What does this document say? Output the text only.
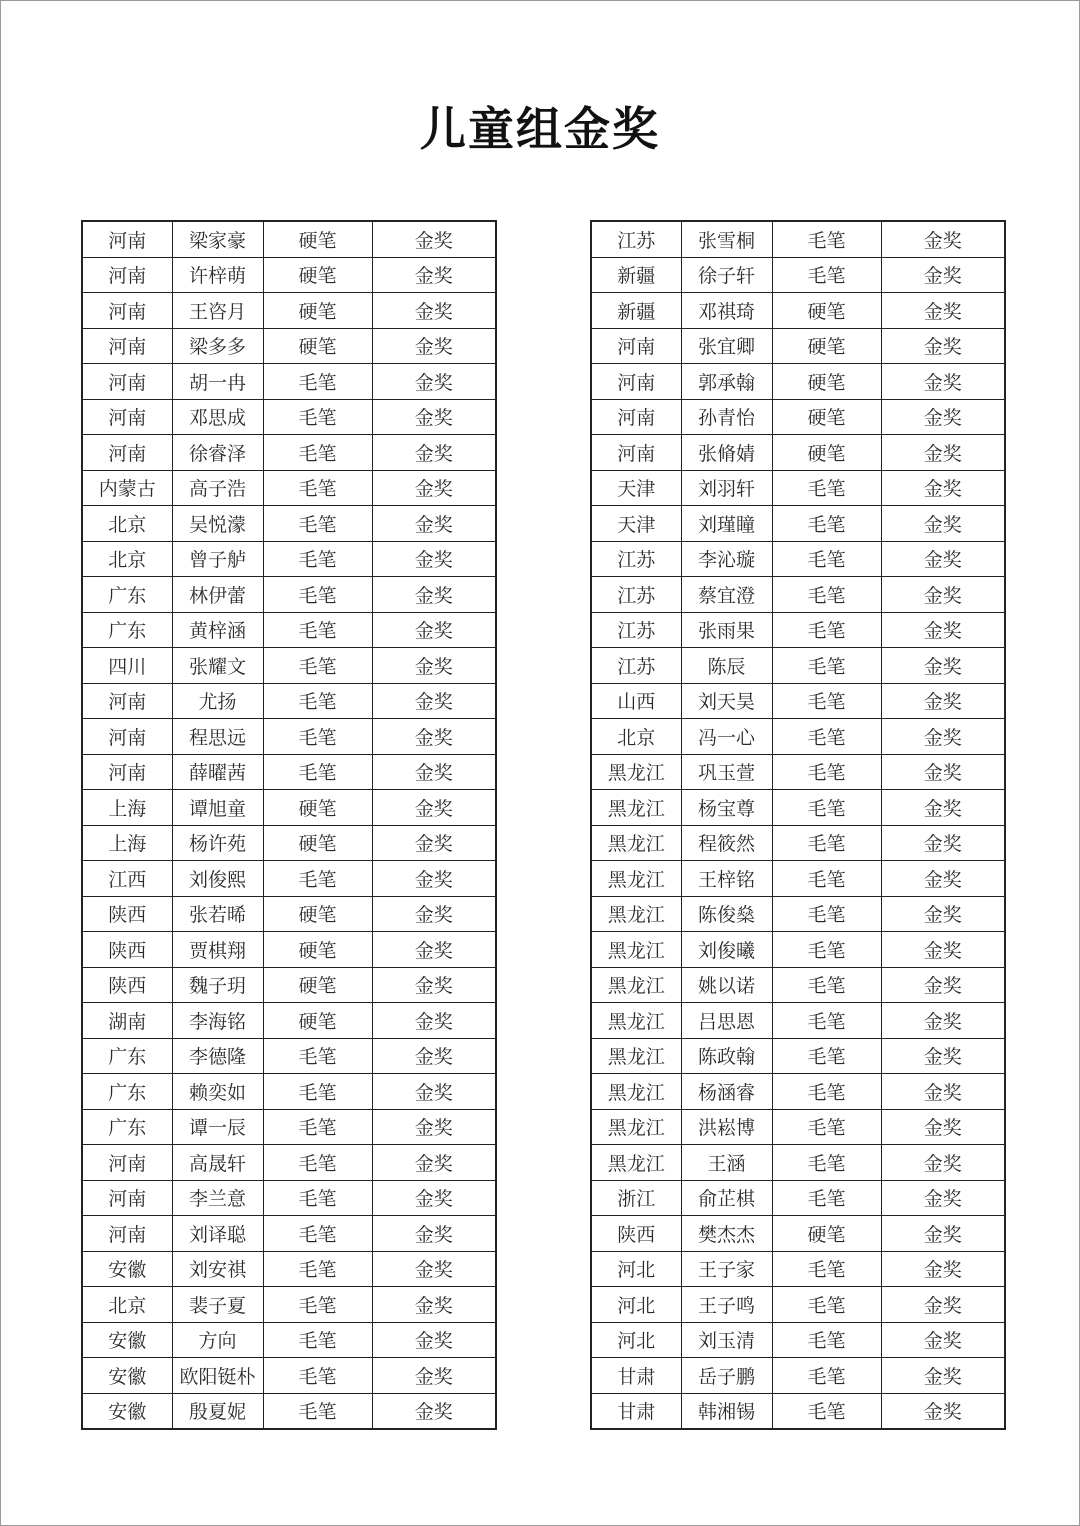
儿童组金奖
河南	梁家豪	硬笔	金奖
河南	许梓萌	硬笔	金奖
河南	王咨月	硬笔	金奖
河南	梁多多	硬笔	金奖
河南	胡一冉	毛笔	金奖
河南	邓思成	毛笔	金奖
河南	徐睿泽	毛笔	金奖
内蒙古	高子浩	毛笔	金奖
北京	吴悦濛	毛笔	金奖
北京	曾子舻	毛笔	金奖
广东	林伊蕾	毛笔	金奖
广东	黄梓涵	毛笔	金奖
四川	张耀文	毛笔	金奖
河南	尤扬	毛笔	金奖
河南	程思远	毛笔	金奖
河南	薛曜茜	毛笔	金奖
上海	谭旭童	硬笔	金奖
上海	杨许苑	硬笔	金奖
江西	刘俊熙	毛笔	金奖
陕西	张若晞	硬笔	金奖
陕西	贾棋翔	硬笔	金奖
陕西	魏子玥	硬笔	金奖
湖南	李海铭	硬笔	金奖
广东	李德隆	毛笔	金奖
广东	赖奕如	毛笔	金奖
广东	谭一辰	毛笔	金奖
河南	高晟轩	毛笔	金奖
河南	李兰意	毛笔	金奖
河南	刘译聪	毛笔	金奖
安徽	刘安祺	毛笔	金奖
北京	裴子夏	毛笔	金奖
安徽	方向	毛笔	金奖
安徽	欧阳铤朴	毛笔	金奖
安徽	殷夏妮	毛笔	金奖
江苏	张雪桐	毛笔	金奖
新疆	徐子轩	毛笔	金奖
新疆	邓祺琦	硬笔	金奖
河南	张宜卿	硬笔	金奖
河南	郭承翰	硬笔	金奖
河南	孙青怡	硬笔	金奖
河南	张脩婧	硬笔	金奖
天津	刘羽轩	毛笔	金奖
天津	刘瑾瞳	毛笔	金奖
江苏	李沁璇	毛笔	金奖
江苏	蔡宜澄	毛笔	金奖
江苏	张雨果	毛笔	金奖
江苏	陈辰	毛笔	金奖
山西	刘天昊	毛笔	金奖
北京	冯一心	毛笔	金奖
黑龙江	巩玉萱	毛笔	金奖
黑龙江	杨宝尊	毛笔	金奖
黑龙江	程筱然	毛笔	金奖
黑龙江	王梓铭	毛笔	金奖
黑龙江	陈俊燊	毛笔	金奖
黑龙江	刘俊曦	毛笔	金奖
黑龙江	姚以诺	毛笔	金奖
黑龙江	吕思恩	毛笔	金奖
黑龙江	陈政翰	毛笔	金奖
黑龙江	杨涵睿	毛笔	金奖
黑龙江	洪崧博	毛笔	金奖
黑龙江	王涵	毛笔	金奖
浙江	俞芷棋	毛笔	金奖
陕西	樊杰杰	硬笔	金奖
河北	王子家	毛笔	金奖
河北	王子鸣	毛笔	金奖
河北	刘玉清	毛笔	金奖
甘肃	岳子鹏	毛笔	金奖
甘肃	韩湘锡	毛笔	金奖
